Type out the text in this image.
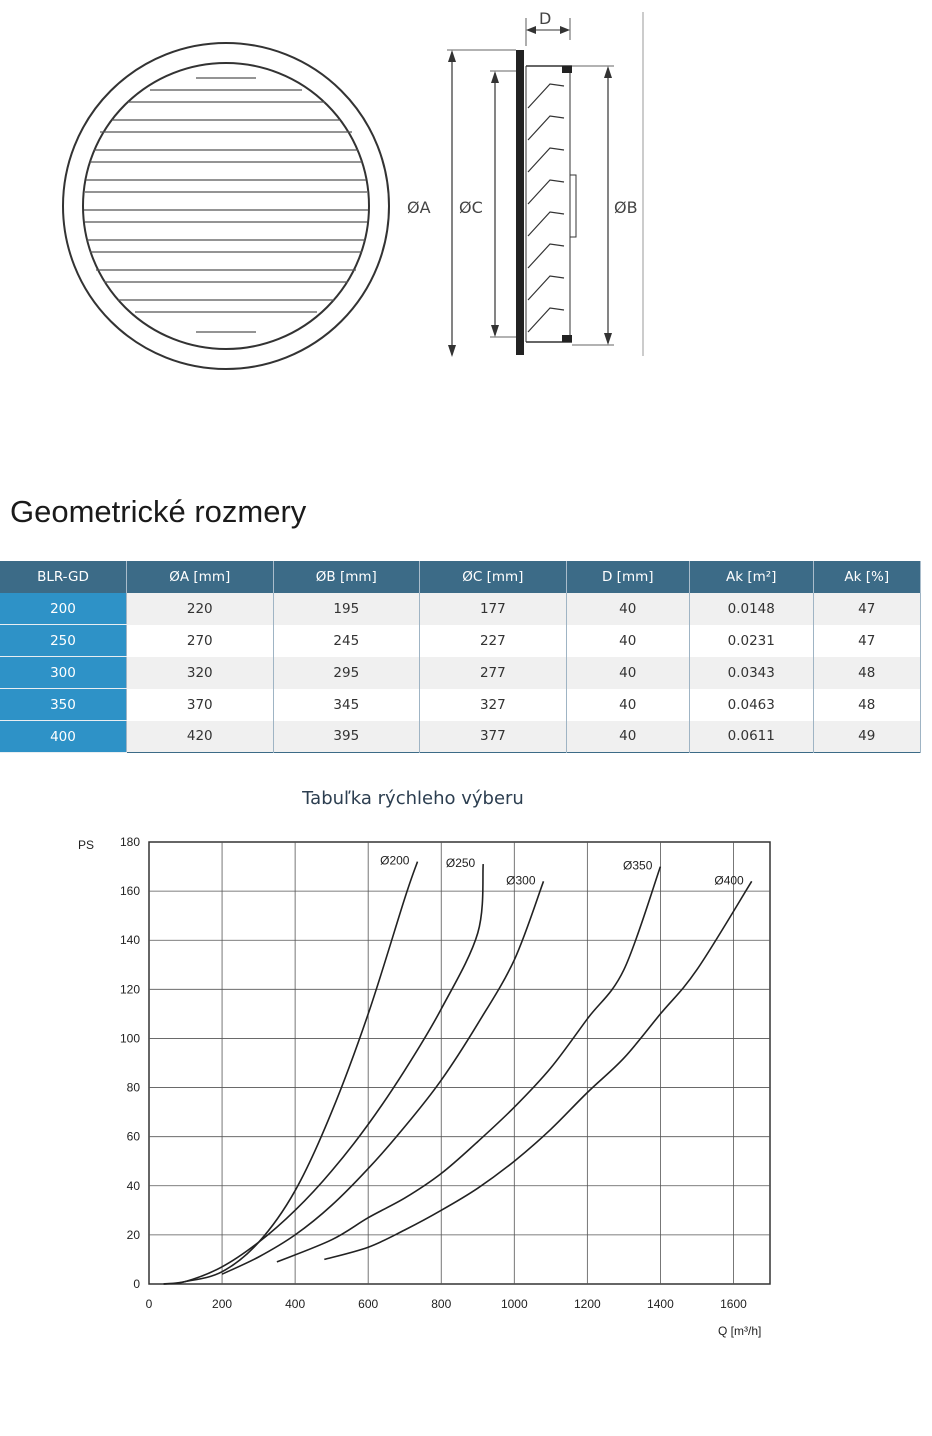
ØA ØC	ØB
D
Geometrické rozmery
BLR-GD	ØA [mm]	ØB [mm]	ØC [mm]	D [mm]	Ak [m²]	Ak [%]
200	220	195	177	40	0.0148	47
250	270	245	227	40	0.0231	47
300	320	295	277	40	0.0343	48
350	370	345	327	40	0.0463	48
400	420	395	377	40	0.0611	49
Tabuľka rýchleho výberu
Ø200	Ø250
Ø300
Ø350
Ø400
0	200	400	600	800	1000	1200	1400	1600
0
20
40
60
80
100
120
140
160
180
PS
Q [m³/h]
